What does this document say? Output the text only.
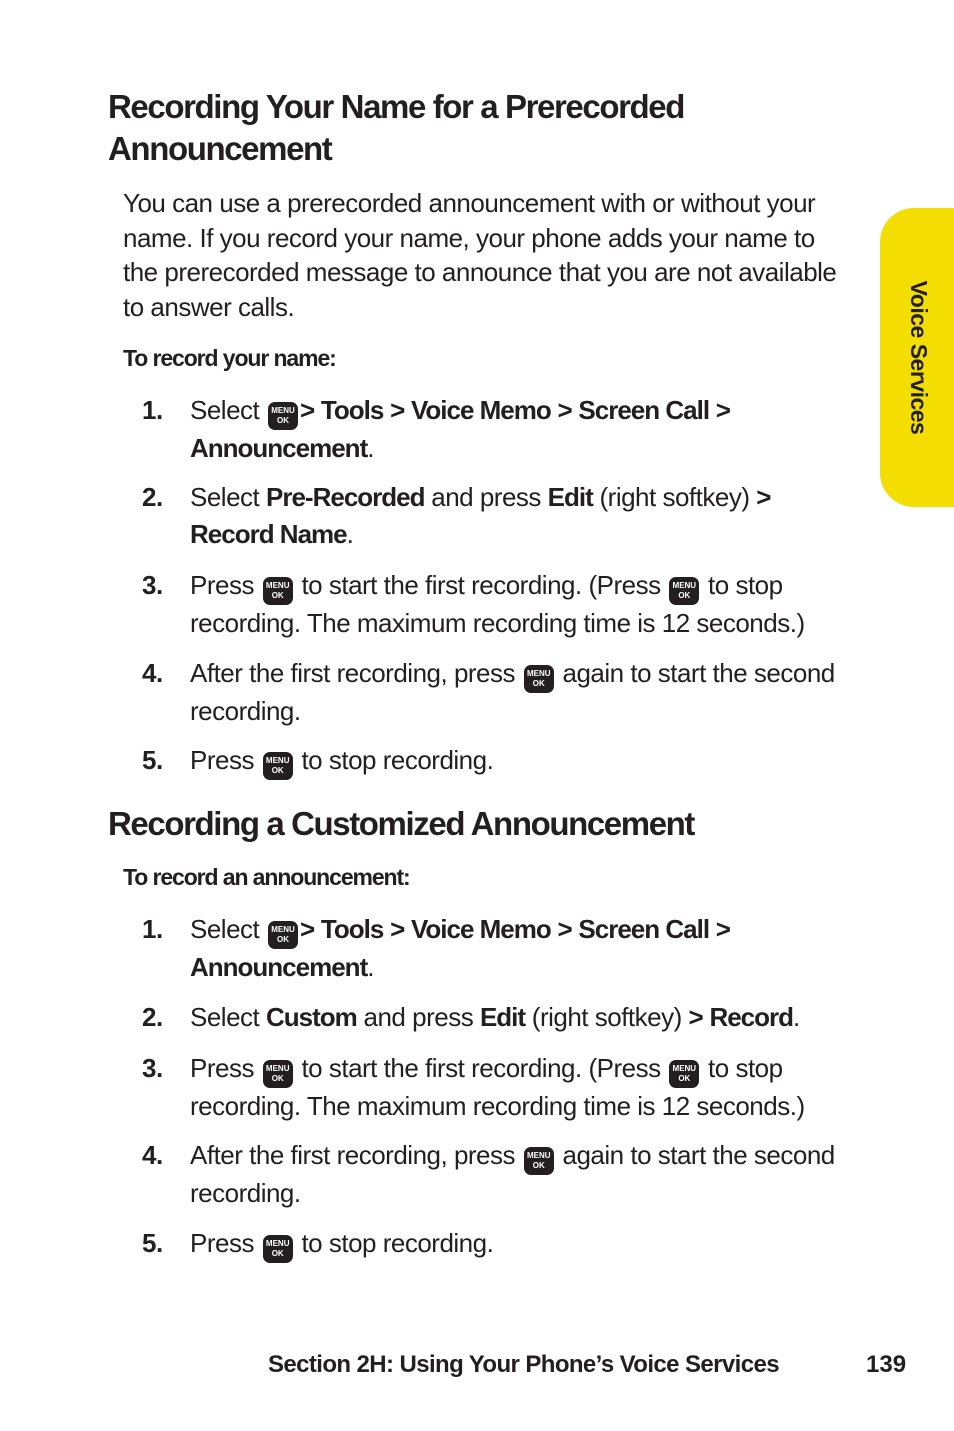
Recording Your Name for a Prerecorded
Announcement

You can use a prerecorded announcement with or without your name. If you record your name, your phone adds your name to the prerecorded message to announce that you are not available to answer calls.

To record your name:

1.	Select	MENU
OK > Tools > Voice Memo > Screen Call >
Announcement.
2.	Select Pre-Recorded and press Edit (right softkey) >
Record Name.
3.	Press	MENU
OK to start the first recording. (Press	MENU
OK to stop recording. The maximum recording time is 12 seconds.)
4.	After the first recording, press	MENU
OK again to start the second recording.
5.	Press	MENU
OK to stop recording.
Recording a Customized Announcement

To record an announcement:

1.	Select	MENU
OK > Tools > Voice Memo > Screen Call >
Announcement.
2.	Select Custom and press Edit (right softkey) > Record.
3.	Press	MENU
OK to start the first recording. (Press	MENU
OK to stop recording. The maximum recording time is 12 seconds.)
4.	After the first recording, press	MENU
OK again to start the second recording.
5.	Press	MENU
OK to stop recording.
Voice Services

Section 2H: Using Your Phone’s Voice Services	139
